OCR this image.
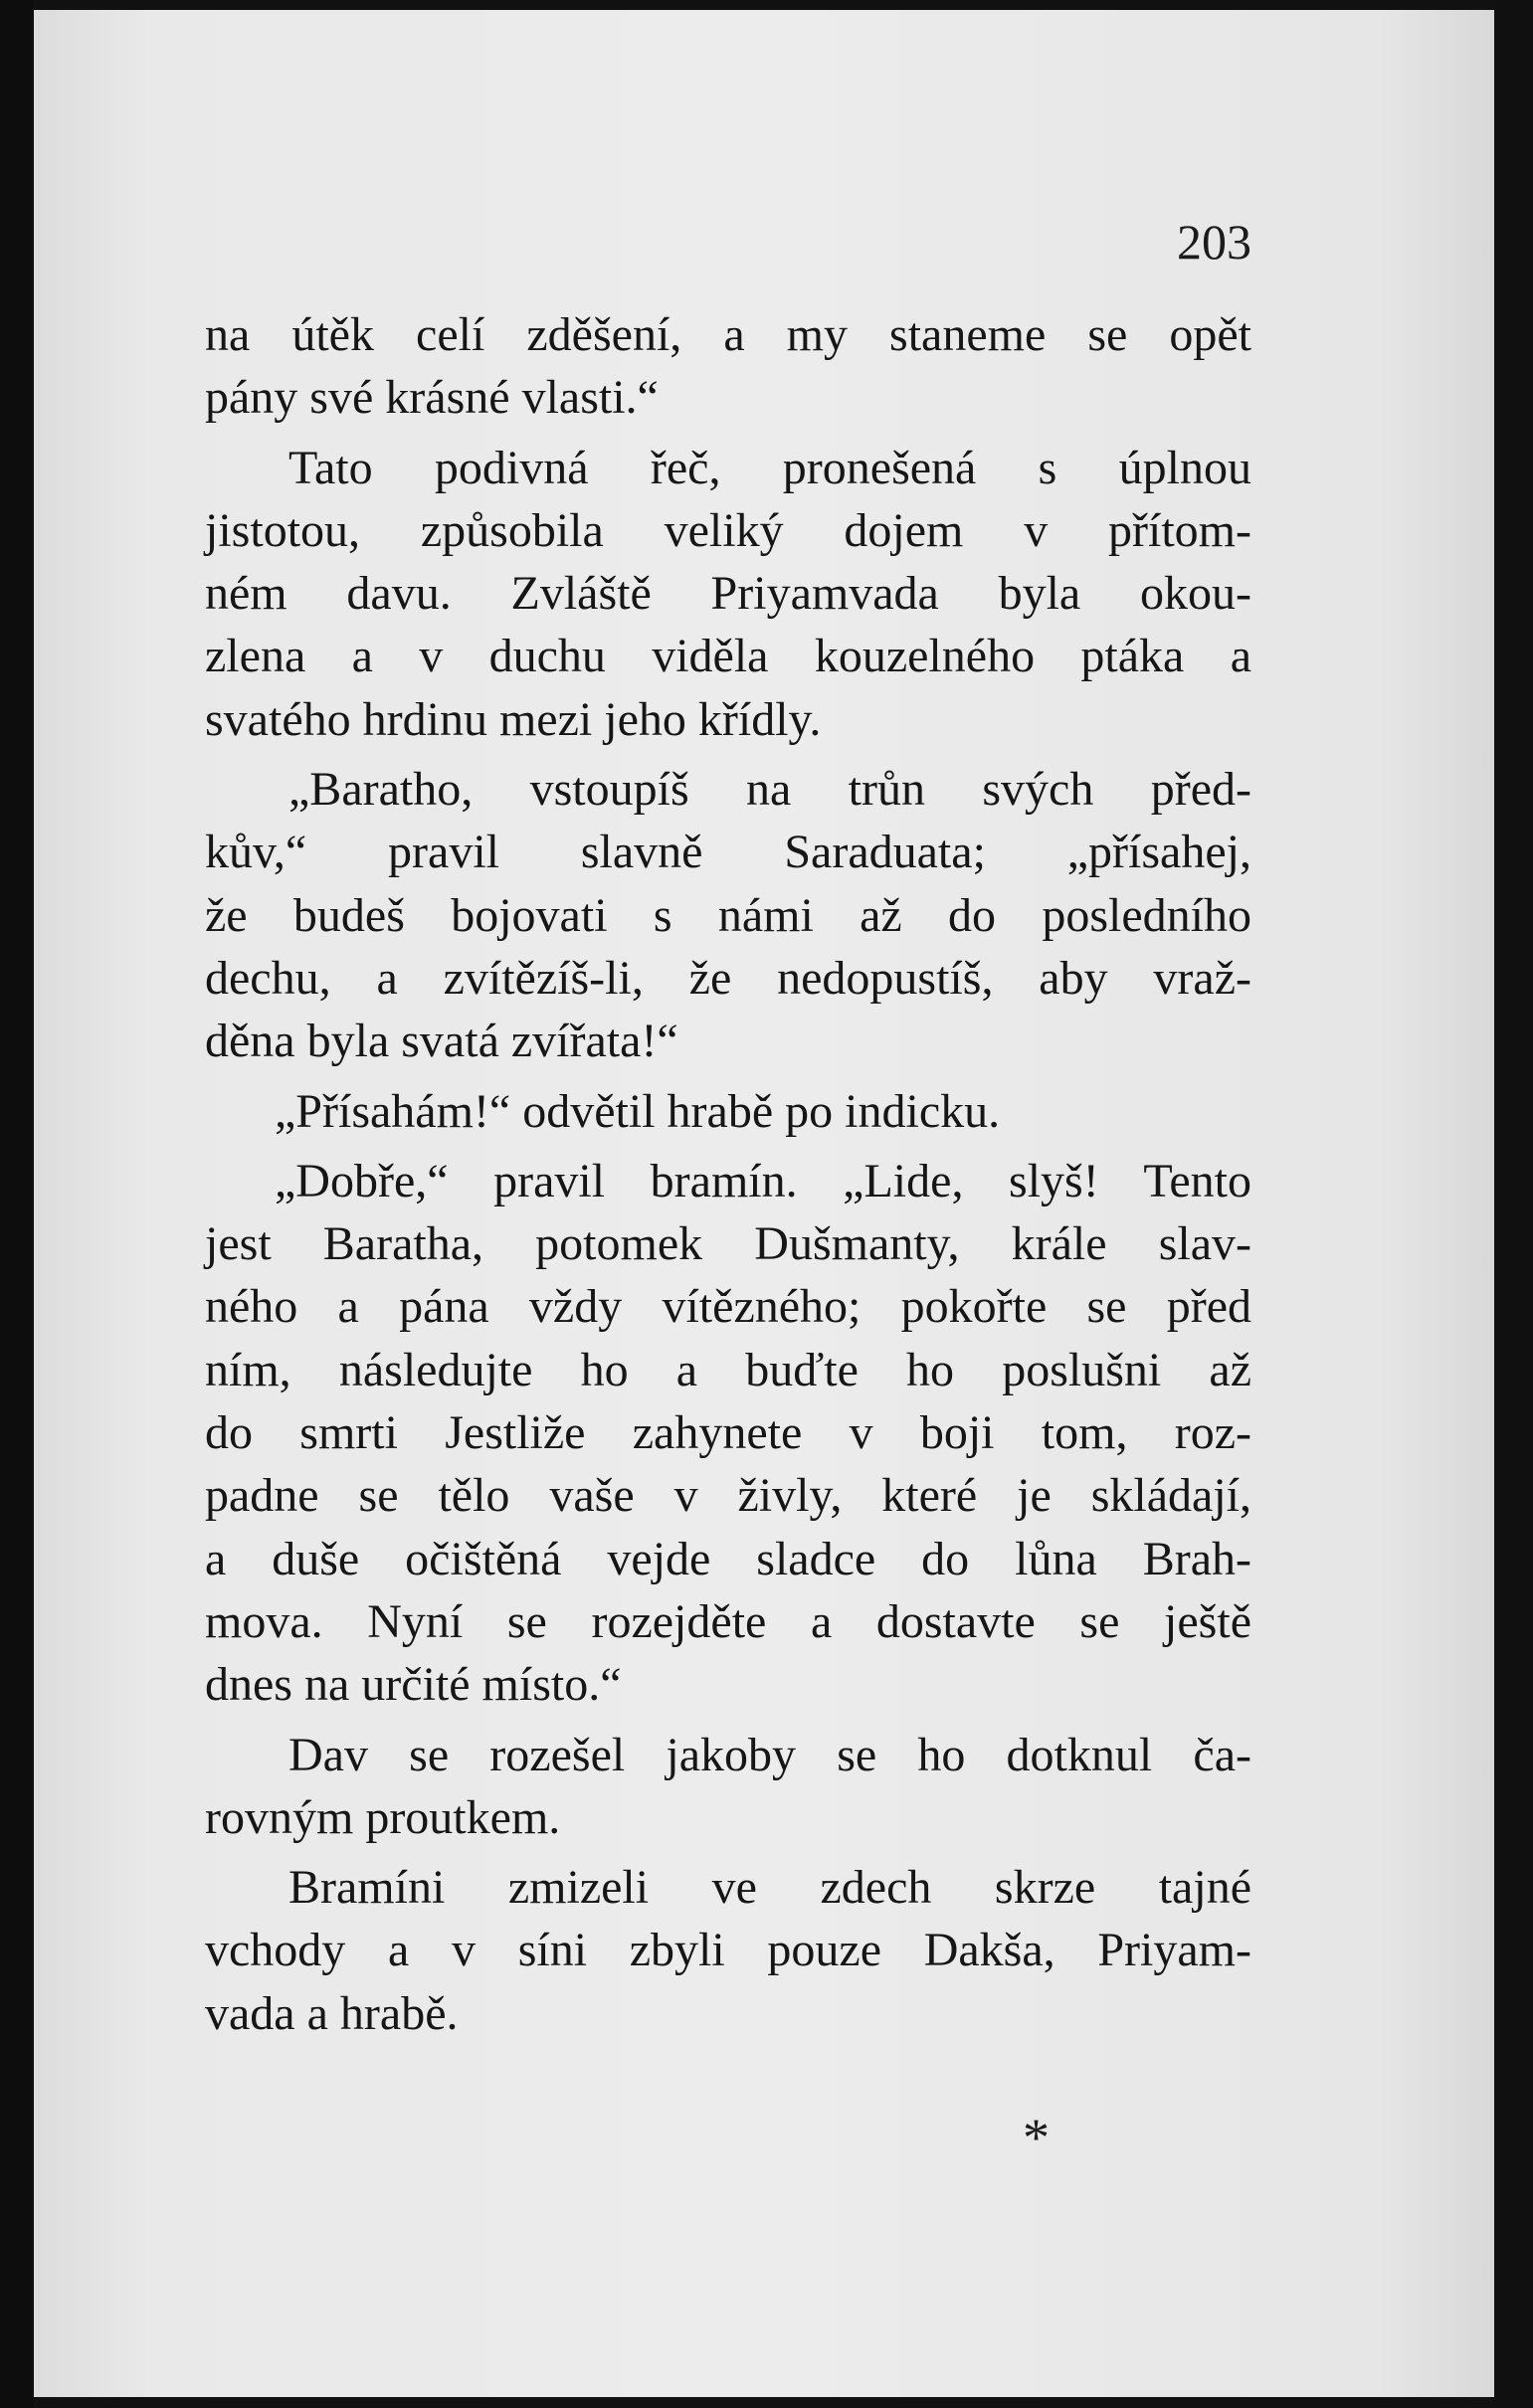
203
na útěk celí zděšení, a my staneme se opět
pány své krásné vlasti.“
Tato podivná řeč, pronešená s úplnou
jistotou, způsobila veliký dojem v přítom-
ném davu. Zvláště Priyamvada byla okou-
zlena a v duchu viděla kouzelného ptáka a
svatého hrdinu mezi jeho křídly.
„Baratho, vstoupíš na trůn svých před-
kův,“ pravil slavně Saraduata; „přísahej,
že budeš bojovati s námi až do posledního
dechu, a zvítězíš-li, že nedopustíš, aby vraž-
děna byla svatá zvířata!“
„Přísahám!“ odvětil hrabě po indicku.
„Dobře,“ pravil bramín. „Lide, slyš! Tento
jest Baratha, potomek Dušmanty, krále slav-
ného a pána vždy vítězného; pokořte se před
ním, následujte ho a buďte ho poslušni až
do smrti Jestliže zahynete v boji tom, roz-
padne se tělo vaše v živly, které je skládají,
a duše očištěná vejde sladce do lůna Brah-
mova. Nyní se rozejděte a dostavte se ještě
dnes na určité místo.“
Dav se rozešel jakoby se ho dotknul ča-
rovným proutkem.
Bramíni zmizeli ve zdech skrze tajné
vchody a v síni zbyli pouze Dakša, Priyam-
vada a hrabě.
*
